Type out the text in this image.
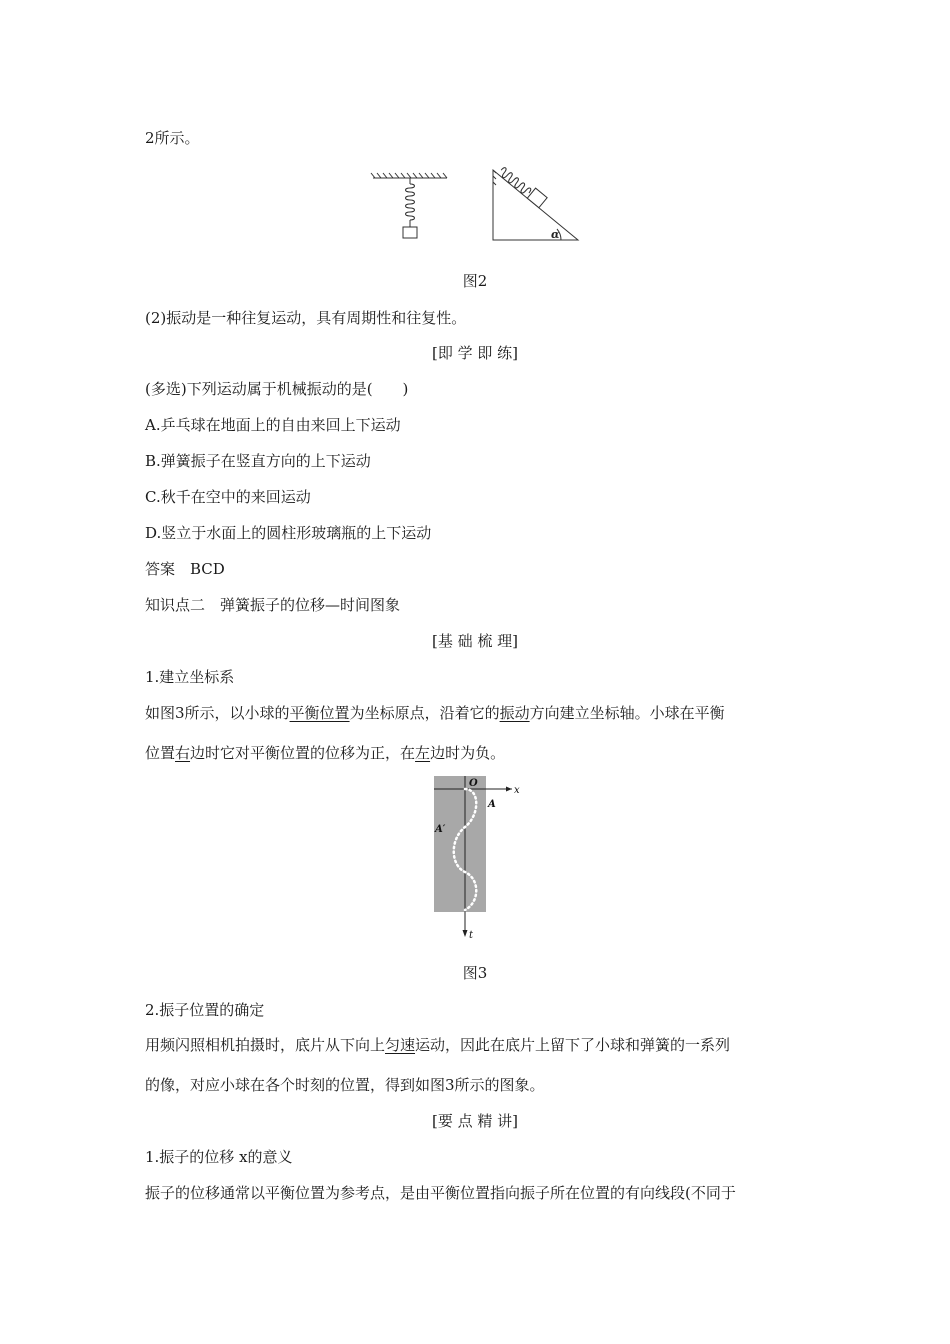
2所示。
α
图2
(2)振动是一种往复运动，具有周期性和往复性。
[即 学 即 练]
(多选)下列运动属于机械振动的是(　　)
A.乒乓球在地面上的自由来回上下运动
B.弹簧振子在竖直方向的上下运动
C.秋千在空中的来回运动
D.竖立于水面上的圆柱形玻璃瓶的上下运动
答案　BCD
知识点二　弹簧振子的位移—时间图象
[基 础 梳 理]
1.建立坐标系
如图3所示，以小球的平衡位置为坐标原点，沿着它的振动方向建立坐标轴。小球在平衡
位置右边时它对平衡位置的位移为正，在左边时为负。
O
x
A
A′
t
图3
2.振子位置的确定
用频闪照相机拍摄时，底片从下向上匀速运动，因此在底片上留下了小球和弹簧的一系列
的像，对应小球在各个时刻的位置，得到如图3所示的图象。
[要 点 精 讲]
1.振子的位移 x的意义
振子的位移通常以平衡位置为参考点，是由平衡位置指向振子所在位置的有向线段(不同于
